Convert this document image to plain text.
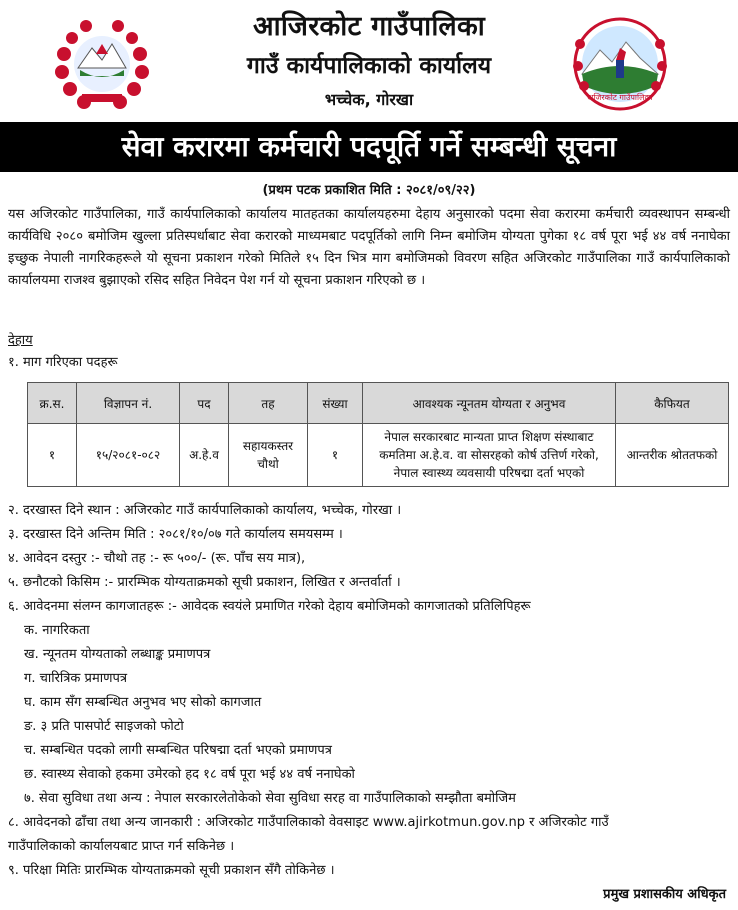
आजिरकोट गाउँपालिका
गाउँ कार्यपालिकाको कार्यालय
भच्चेक, गोरखा	अजिरकोट गाउँपालिका
सेवा करारमा कर्मचारी पदपूर्ति गर्ने सम्बन्धी सूचना
(प्रथम पटक प्रकाशित मिति : २०८१/०९/२२)
यस अजिरकोट गाउँपालिका, गाउँ कार्यपालिकाको कार्यालय मातहतका कार्यालयहरुमा देहाय अनुसारको पदमा सेवा करारमा कर्मचारी व्यवस्थापन सम्बन्धी कार्यविधि २०८० बमोजिम खुल्ला प्रतिस्पर्धाबाट सेवा करारको माध्यमबाट पदपूर्तिको लागि निम्न बमोजिम योग्यता पुगेका १८ वर्ष पूरा भई ४४ वर्ष ननाघेका इच्छुक नेपाली नागरिकहरूले यो सूचना प्रकाशन गरेको मितिले १५ दिन भित्र माग बमोजिमको विवरण सहित अजिरकोट गाउँपालिका गाउँ कार्यपालिकाको कार्यालयमा राजश्व बुझाएको रसिद सहित निवेदन पेश गर्न यो सूचना प्रकाशन गरिएको छ ।
देहाय
१. माग गरिएका पदहरू
क्र.स.	विज्ञापन नं.	पद	तह	संख्या	आवश्यक न्यूनतम योग्यता र अनुभव	कैफियत
१	१५/२०८१-०८२	अ.हे.व	सहायकस्तर चौथो	१	नेपाल सरकारबाट मान्यता प्राप्त शिक्षण संस्थाबाट कमतिमा अ.हे.व. वा सोसरहको कोर्ष उत्तिर्ण गरेको, नेपाल स्वास्थ्य व्यवसायी परिषद्मा दर्ता भएको	आन्तरीक श्रोततफको
२. दरखास्त दिने स्थान : अजिरकोट गाउँ कार्यपालिकाको कार्यालय, भच्चेक, गोरखा ।
३. दरखास्त दिने अन्तिम मिति : २०८१/१०/०७ गते कार्यालय समयसम्म ।
४. आवेदन दस्तुर :- चौथो तह :- रू ५००/- (रू. पाँच सय मात्र),
५. छनौटको किसिम :- प्रारम्भिक योग्यताक्रमको सूची प्रकाशन, लिखित र अन्तर्वार्ता ।
६. आवेदनमा संलग्न कागजातहरू :- आवेदक स्वयंले प्रमाणित गरेको देहाय बमोजिमको कागजातको प्रतिलिपिहरू
क. नागरिकता
ख. न्यूनतम योग्यताको लब्धाङ्क प्रमाणपत्र
ग. चारित्रिक प्रमाणपत्र
घ. काम सँग सम्बन्धित अनुभव भए सोको कागजात
ङ. ३ प्रति पासपोर्ट साइजको फोटो
च. सम्बन्धित पदको लागी सम्बन्धित परिषद्मा दर्ता भएको प्रमाणपत्र
छ. स्वास्थ्य सेवाको हकमा उमेरको हद १८ वर्ष पूरा भई ४४ वर्ष ननाघेको
७. सेवा सुविधा तथा अन्य : नेपाल सरकारलेतोकेको सेवा सुविधा सरह वा गाउँपालिकाको सम्झौता बमोजिम
८. आवेदनको ढाँचा तथा अन्य जानकारी : अजिरकोट गाउँपालिकाको वेवसाइट www.ajirkotmun.gov.np र अजिरकोट गाउँ
गाउँपालिकाको कार्यालयबाट प्राप्त गर्न सकिनेछ ।
९. परिक्षा मितिः प्रारम्भिक योग्यताक्रमको सूची प्रकाशन सँगै तोकिनेछ ।
प्रमुख प्रशासकीय अधिकृत
